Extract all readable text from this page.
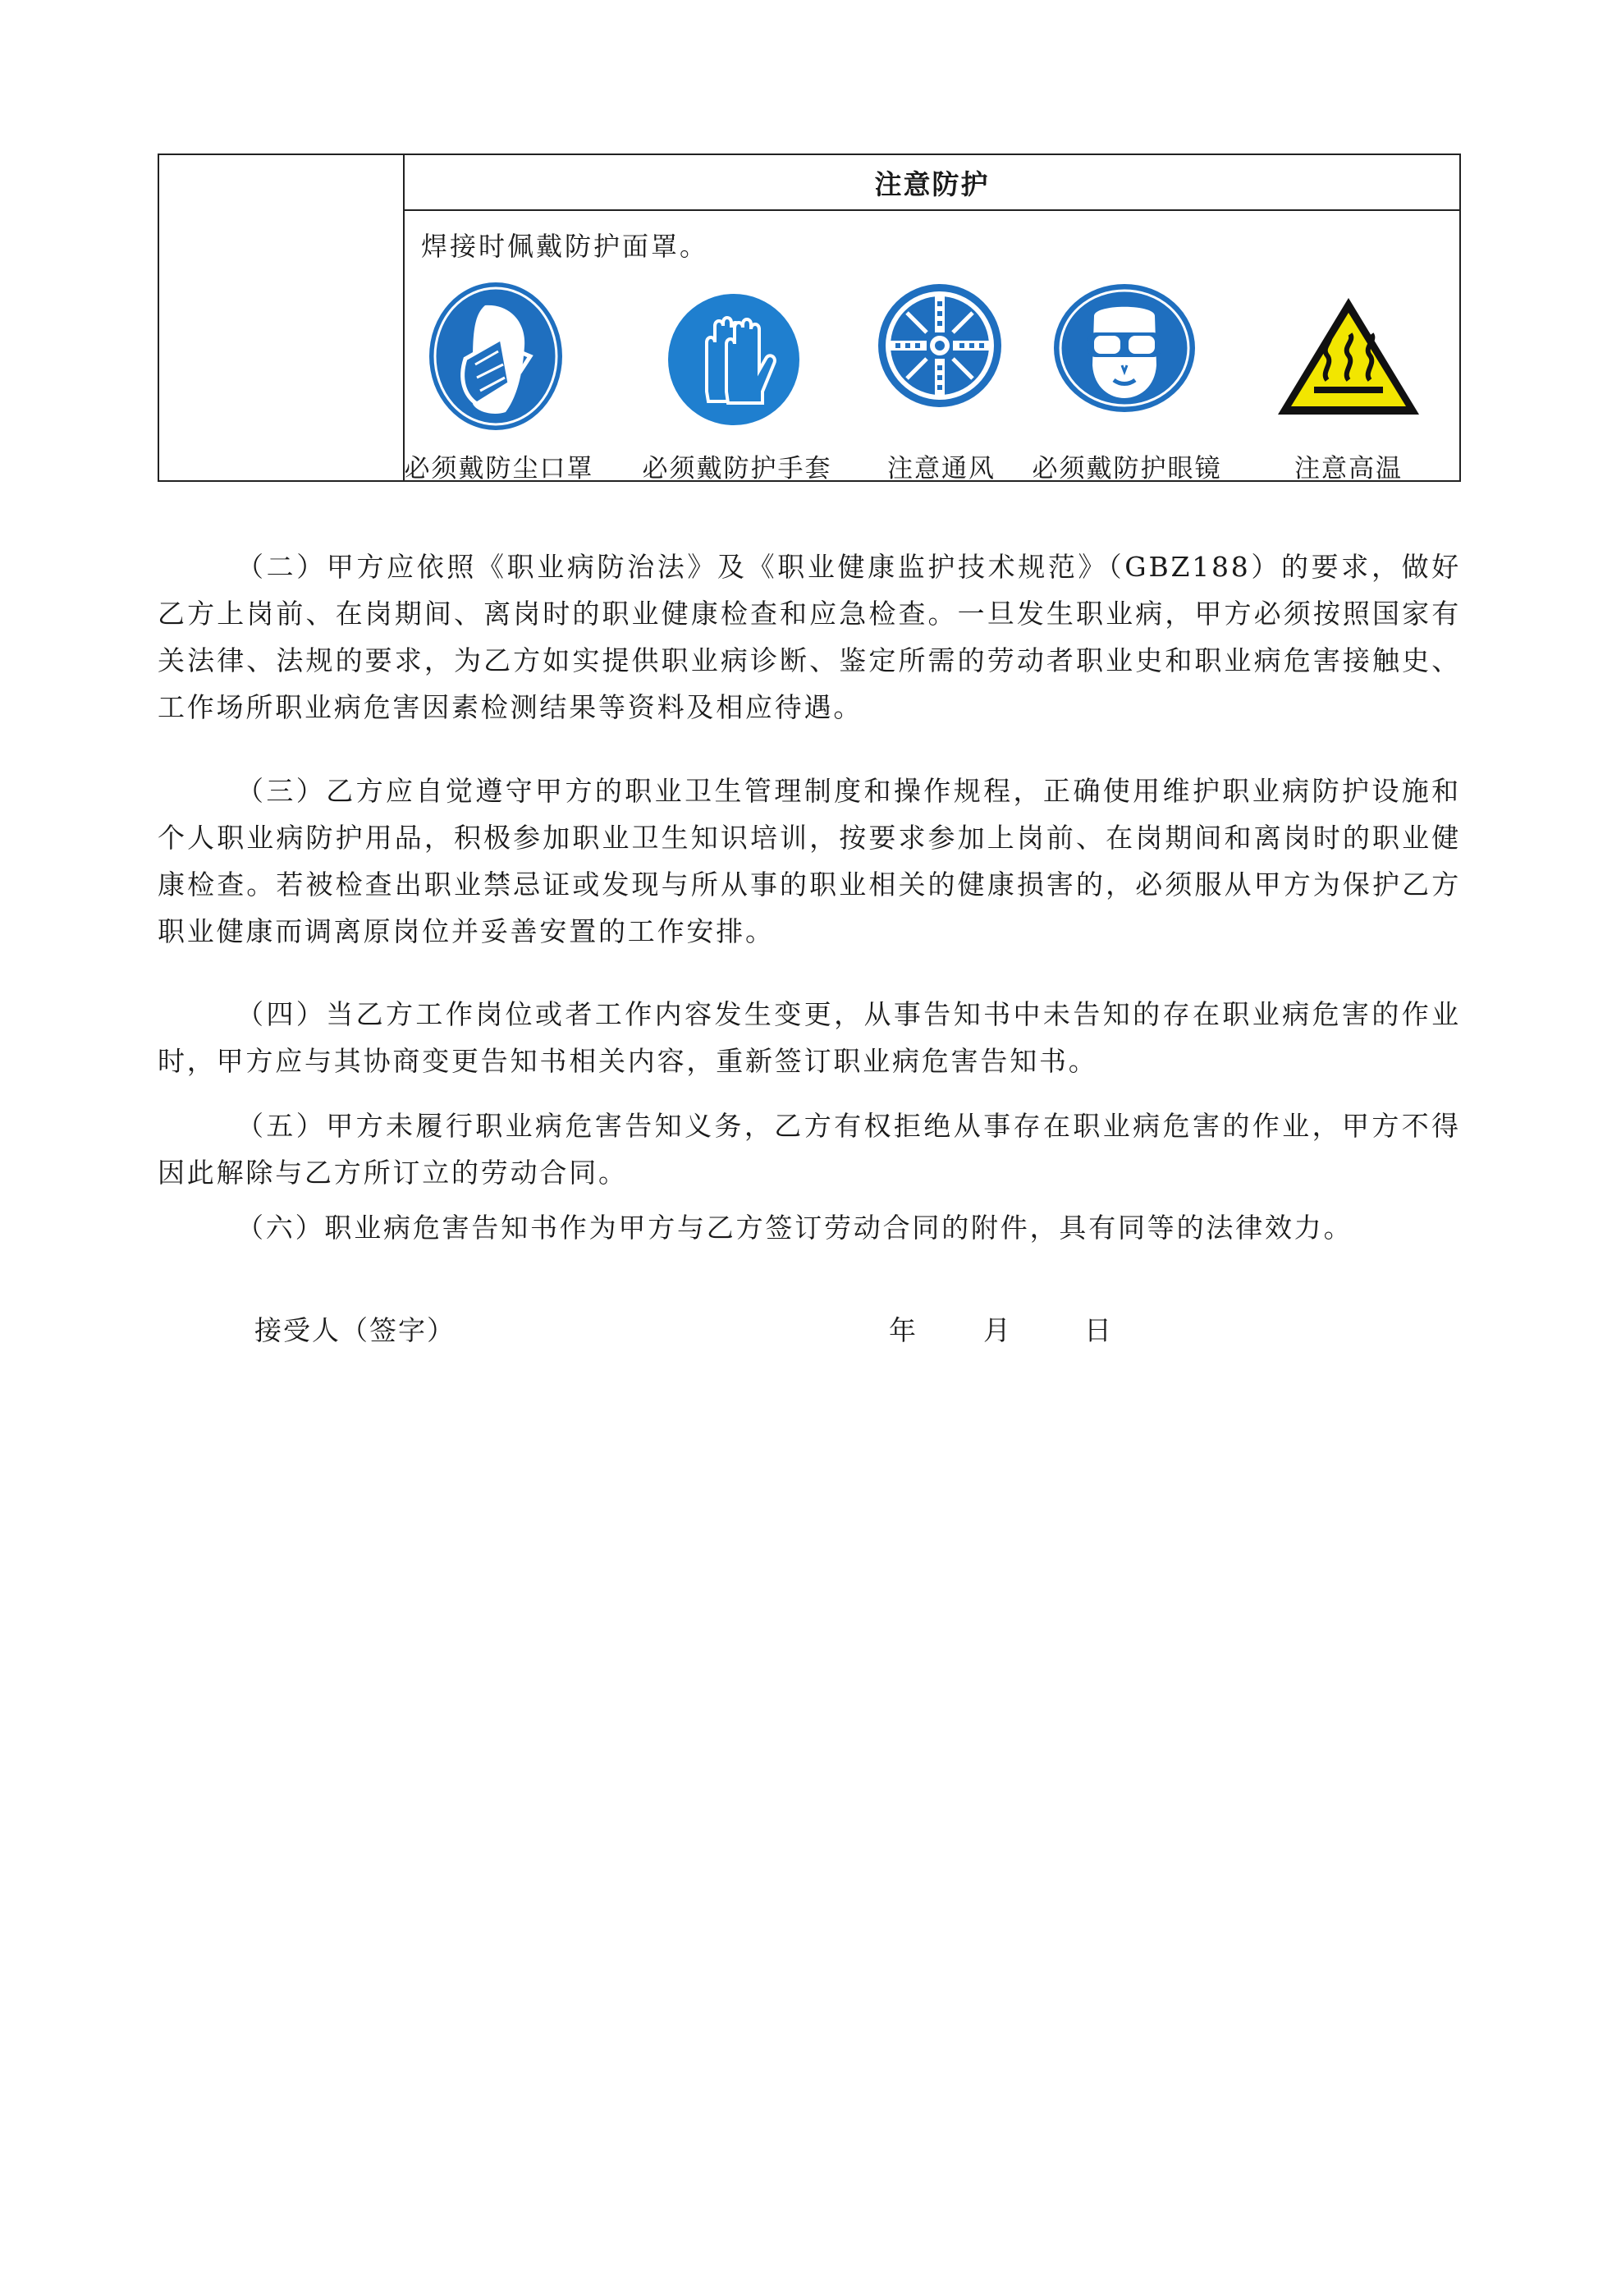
注意防护
焊接时佩戴防护面罩。
必须戴防尘口罩 必须戴防护手套 注意通风 必须戴防护眼镜	注意高温

（二）甲方应依照《职业病防治法》及《职业健康监护技术规范》（GBZ188）的要求，做好乙方上岗前、在岗期间、离岗时的职业健康检查和应急检查。一旦发生职业病，甲方必须按照国家有关法律、法规的要求，为乙方如实提供职业病诊断、鉴定所需的劳动者职业史和职业病危害接触史、工作场所职业病危害因素检测结果等资料及相应待遇。

（三）乙方应自觉遵守甲方的职业卫生管理制度和操作规程，正确使用维护职业病防护设施和个人职业病防护用品，积极参加职业卫生知识培训，按要求参加上岗前、在岗期间和离岗时的职业健康检查。若被检查出职业禁忌证或发现与所从事的职业相关的健康损害的，必须服从甲方为保护乙方职业健康而调离原岗位并妥善安置的工作安排。

（四）当乙方工作岗位或者工作内容发生变更，从事告知书中未告知的存在职业病危害的作业时，甲方应与其协商变更告知书相关内容，重新签订职业病危害告知书。

（五）甲方未履行职业病危害告知义务，乙方有权拒绝从事存在职业病危害的作业，甲方不得因此解除与乙方所订立的劳动合同。

（六）职业病危害告知书作为甲方与乙方签订劳动合同的附件，具有同等的法律效力。

接受人（签字）	年 月	日
